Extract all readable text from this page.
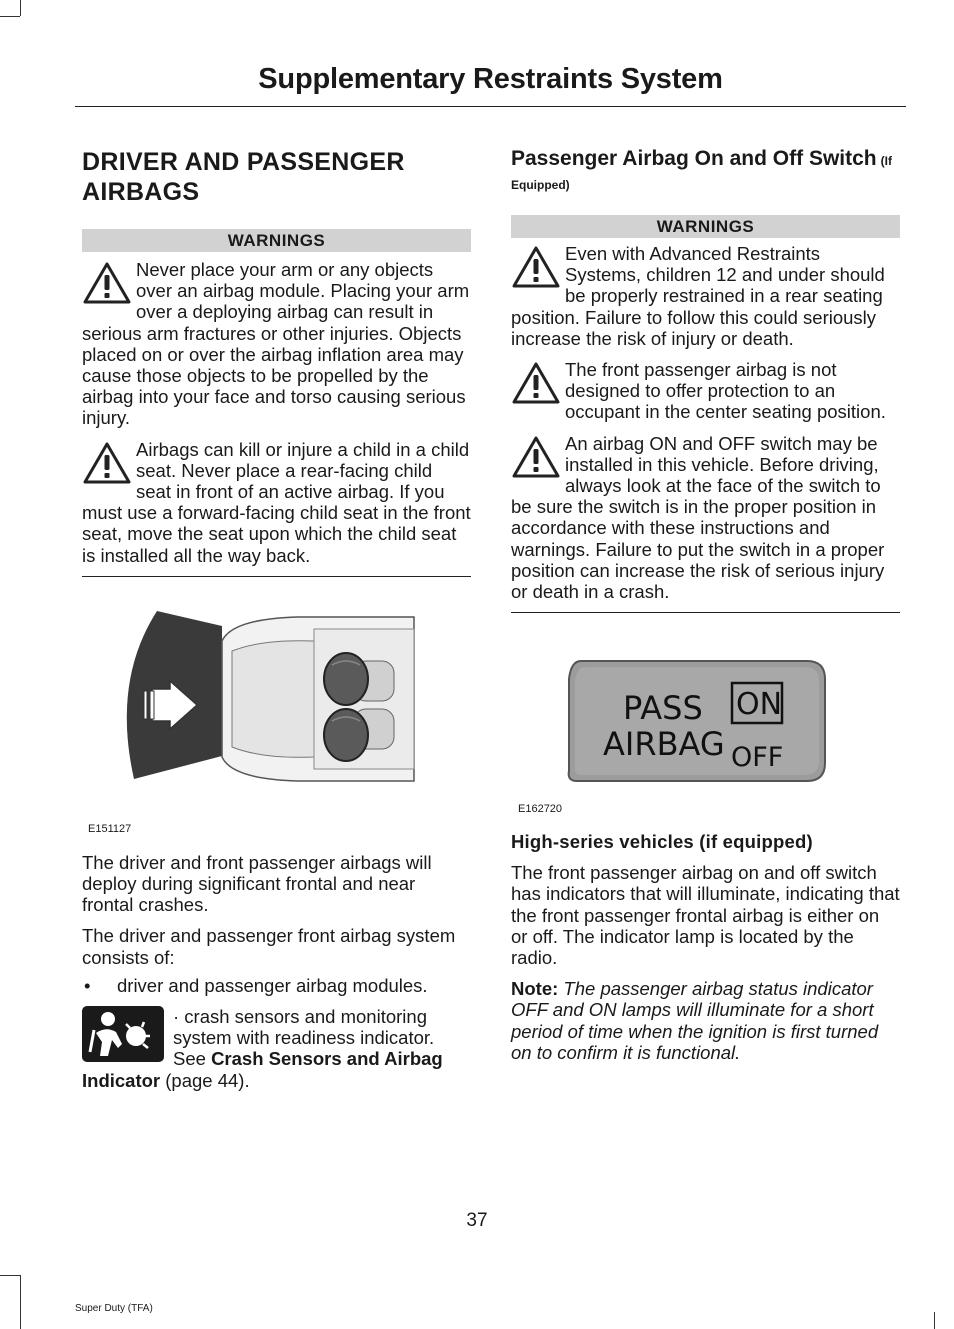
Supplementary Restraints System
DRIVER AND PASSENGER AIRBAGS
WARNINGS
Never place your arm or any objects over an airbag module. Placing your arm over a deploying airbag can result in serious arm fractures or other injuries. Objects placed on or over the airbag inflation area may cause those objects to be propelled by the airbag into your face and torso causing serious injury.
Airbags can kill or injure a child in a child seat. Never place a rear-facing child seat in front of an active airbag. If you must use a forward-facing child seat in the front seat, move the seat upon which the child seat is installed all the way back.
E151127

The driver and front passenger airbags will deploy during significant frontal and near frontal crashes.

The driver and passenger front airbag system consists of:

•	driver and passenger airbag modules.
· crash sensors and monitoring system with readiness indicator. See Crash Sensors and Airbag Indicator (page 44).
Passenger Airbag On and Off Switch (If Equipped)
WARNINGS
Even with Advanced Restraints Systems, children 12 and under should be properly restrained in a rear seating position. Failure to follow this could seriously increase the risk of injury or death.
The front passenger airbag is not designed to offer protection to an occupant in the center seating position.
An airbag ON and OFF switch may be installed in this vehicle. Before driving, always look at the face of the switch to be sure the switch is in the proper position in accordance with these instructions and warnings. Failure to put the switch in a proper position can increase the risk of serious injury or death in a crash.
PASS
AIRBAG
ON
OFF
E162720
High-series vehicles (if equipped)

The front passenger airbag on and off switch has indicators that will illuminate, indicating that the front passenger frontal airbag is either on or off. The indicator lamp is located by the radio.

Note: The passenger airbag status indicator OFF and ON lamps will illuminate for a short period of time when the ignition is first turned on to confirm it is functional.

37
Super Duty (TFA)
